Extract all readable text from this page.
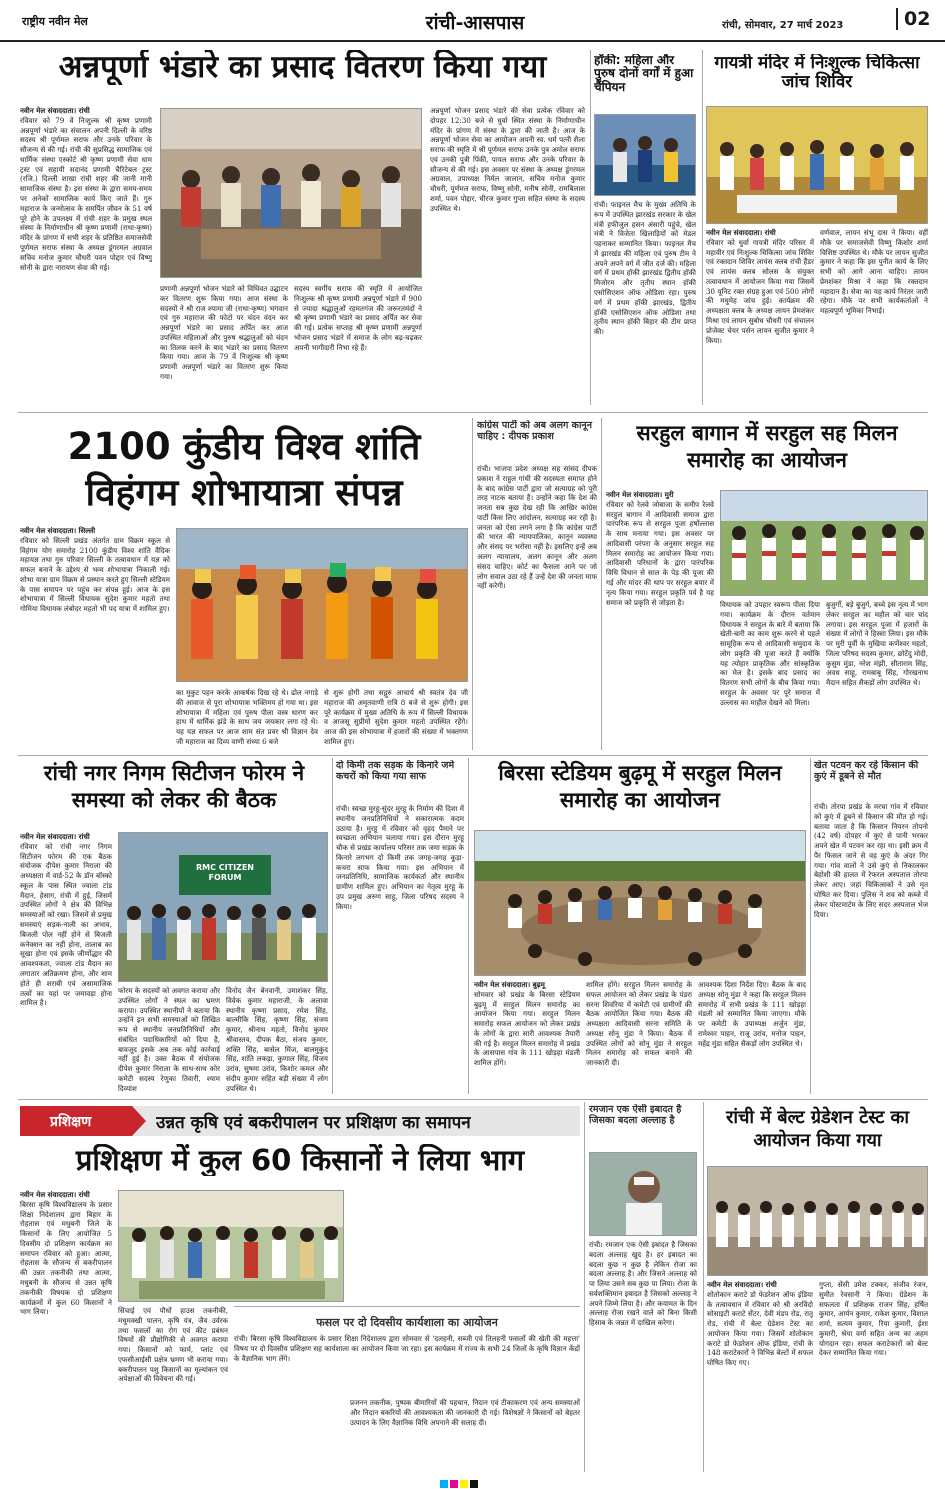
राष्ट्रीय नवीन मेल	रांची-आसपास	रांची, सोमवार, 27 मार्च 2023	02
अन्नपूर्णा भंडारे का प्रसाद वितरण किया गया
नवीन मेल संवाददाता। रांची
रविवार को 79 वें निःशुल्क श्री कृष्ण प्रणामी अन्नपूर्णा भंडारे का संचालन अपनी दिल्ली के वरिष्ठ सदस्य श्री पूर्णमल सराफ और उनके परिवार के सौजन्य से की गई। रांची की सुप्रसिद्ध सामाजिक एवं धार्मिक संस्था एस्कोर्ट श्री कृष्ण प्रणामी सेवा धाम ट्रस्ट एवं सहायी सदानंद प्रणामी चैरिटेबल ट्रस्ट (रजि.) दिल्ली शाखा रांची शहर की जानी मानी सामाजिक संस्था है। इस संस्था के द्वारा समय-समय पर अनेकों सामाजिक कार्य किए जाते हैं। गुरु महाराज के जन्मोत्सव के समर्पित जीवन के 51 वर्ष पूरे होने के उपलक्ष्य में रांची शहर के प्रमुख स्थल संस्था के निर्माणाधीन श्री कृष्ण प्रणामी (राधा-कृष्ण) मंदिर के प्रांगण में सभी शहर के प्रतिष्ठित समाजसेवी पूर्णमल सराफ संस्था के अध्यक्ष डूंगरमल अग्रवाल सचिव मनोज कुमार चौधरी पवन पोद्दार एवं विष्णु सोनी के द्वारा नारायण सेवा की गई।
प्रणामी अन्नपूर्णा भोजन भंडारे को विधिवत उद्घाटन कर वितरण शुरू किया गया। आज संस्था के सदस्यों ने श्री राज श्यामा जी (राधा-कृष्ण) भगवान एवं गुरु महाराज की फोटो पर चंदन वंदन कर अन्नपूर्णा भंडारे का प्रसाद अर्पित कर आज उपस्थित महिलाओं और पुरुष श्रद्धालुओं को चंदन का तिलक करने के बाद भंडारे का प्रसाद वितरण किया गया। आज के 79 वें निःशुल्क श्री कृष्ण प्रणामी अन्नपूर्णा भंडारे का वितरण शुरू किया गया।
सदस्य स्वर्गीय सराफ की स्मृति में आयोजित निःशुल्क श्री कृष्ण प्रणामी अन्नपूर्णा भंडारे में 900 से ज्यादा श्रद्धालुओं रहमतगंज की जरूरतमंदों ने श्री कृष्ण प्रणामी भंडारे का प्रसाद अर्पित कर सेवा की गई। प्रत्येक सप्ताह श्री कृष्ण प्रणामी अन्नपूर्णा भोजन प्रसाद भंडारे में समाज के लोग बढ़-चढ़कर अपनी भागीदारी निभा रहे हैं।
अन्नपूर्णा भोजन प्रसाद भंडारे की सेवा प्रत्येक रविवार को दोपहर 12:30 बजे से धुर्वा स्थित संस्था के निर्माणाधीन मंदिर के प्रांगण में संस्था के द्वारा की जाती है। आज के अन्नपूर्णा भोजन सेवा का आयोजन अपनी स्व. धर्म पत्नी शैला सराफ की स्मृति में श्री पूर्णमल सराफ उनके पुत्र अमोल सराफ एवं उनकी पुत्री पिंकी, पायल सराफ और उनके परिवार के सौजन्य से की गई। इस अवसर पर संस्था के अध्यक्ष डूंगरमल अग्रवाल, उपाध्यक्ष निर्मल जालान, सचिव मनोज कुमार चौधरी, पूर्णमल सराफ, विष्णु सोनी, मनीष सोनी, रामबिलास शर्मा, पवन पोद्दार, धीरज कुमार गुप्ता सहित संस्था के सदस्य उपस्थित थे।
हॉकी: महिला और पुरुष दोनों वर्गों में हुआ चैंपियन
रांची। फाइनल मैच के मुख्य अतिथि के रूप में उपस्थित झारखंड सरकार के खेल मंत्री हफीजुल हसन अंसारी पहुंचे, खेल मंत्री ने विजेता खिलाड़ियों को मेडल पहनाकर सम्मानित किया। फाइनल मैच में झारखंड की महिला एवं पुरुष टीम ने अपने अपने वर्ग में जीत दर्ज की। महिला वर्ग में प्रथम हॉकी झारखंड द्वितीय हॉकी मिजोरम और तृतीय स्थान हॉकी एसोसिएशन ऑफ ओडिशा रहा। पुरुष वर्ग में प्रथम हॉकी झारखंड, द्वितीय हॉकी एसोसिएशन ऑफ ओडिशा तथा तृतीय स्थान हॉकी बिहार की टीम प्राप्त की।
गायत्री मंदिर में निःशुल्क चिकित्सा जांच शिविर
नवीन मेल संवाददाता। रांची
रविवार को धुर्वा गायत्री मंदिर परिसर में महावीर एवं निःशुल्क चिकित्सा जांच शिविर एवं रक्तदान शिविर लायंस क्लब रांची हैंडर एवं लायंस क्लब सोलस के संयुक्त तत्वावधान में आयोजन किया गया जिसमें 30 यूनिट रक्त संग्रह हुआ एवं 500 लोगों की मधुमेह जांच हुई। कार्यक्रम की अध्यक्षता क्लब के अध्यक्ष लायन प्रेमशंकर मिश्रा एवं लायन सुबोध चौधरी एवं संचालन प्रोजेक्ट चेयर पर्सन लायन सुजीत कुमार ने किया।
वर्णवाल, लायन संभू दास ने किया। वहीं मौके पर समाजसेवी विष्णु किशोर शर्मा विशिष्ट उपस्थित थे। मौके पर लायन सुजीत कुमार ने कहा कि इस पुनीत कार्य के लिए सभी को आगे आना चाहिए। लायन प्रेमशंकर मिश्रा ने कहा कि रक्तदान महादान है। सेवा का यह कार्य निरंतर जारी रहेगा। मौके पर सभी कार्यकर्ताओं ने महत्वपूर्ण भूमिका निभाई।
2100 कुंडीय विश्व शांति विहंगम शोभायात्रा संपन्न
नवीन मेल संवाददाता। सिल्ली
रविवार को सिल्ली प्रखंड अंतर्गत ग्राम विक्रम स्कूल से विहंगम योग समारोह 2100 कुंडीय विश्व शांति वैदिक महायज्ञ तथा गुरु परिवार सिल्ली के तत्वावधान में यज्ञ को सफल बनाने के उद्देश्य से भव्य शोभायात्रा निकाली गई। शोभा यात्रा ग्राम विक्रम से प्रस्थान करते हुए सिल्ली स्टेडियम के पास समापन पर पहुंच कर संपन्न हुई। आज के इस शोभायात्रा में सिल्ली विधायक सुदेश कुमार महतो तथा गोमिया विधायक लंबोदर महतो भी पद यात्रा में शामिल हुए।
का मुकुट पहन करके आकर्षक दिख रहे थे। ढोल नगाड़े की आवाज से पूरा शोभायात्रा भक्तिमय हो गया था। इस शोभायात्रा में महिला एवं पुरुष पीला वस्त्र धारण कर हाथ में धार्मिक झंडे के साथ जय जयकार लगा रहे थे। यह यज्ञ सफल पर आज शाम संत प्रवर श्री विज्ञान देव जी महाराज का दिव्य वाणी संध्या 6 बजे
से शुरू होगी तथा सद्गुरु आचार्य श्री स्वतंत्र देव जी महाराज की अमृतवाणी रात्रि 8 बजे से शुरू होगी। इस पूरे कार्यक्रम में मुख्य अतिथि के रूप में सिल्ली विधायक व आजसू सुप्रीमो सुदेश कुमार महतो उपस्थित रहेंगे। आज की इस शोभायात्रा में हजारों की संख्या में भक्तगण शामिल हुए।
कांग्रेस पार्टी को अब अलग कानून चाहिए : दीपक प्रकाश
रांची। भाजपा प्रदेश अध्यक्ष सह सांसद दीपक प्रकाश ने राहुल गांधी की सदस्यता समाप्त होने के बाद कांग्रेस पार्टी द्वारा जो सत्याग्रह को पूरी तरह नाटक बताया है। उन्होंने कहा कि देश की जनता सब कुछ देख रही कि आखिर कांग्रेस पार्टी किस लिए आंदोलन, सत्याग्रह कर रही है। जनता को ऐसा लगने लगा है कि कांग्रेस पार्टी की भारत की न्यायपालिका, कानून व्यवस्था और संसद पर भरोसा नहीं है। इसलिए इन्हें अब अलग न्यायालय, अलग कानून और अलग संसद चाहिए। कोर्ट का फैसला आने पर जो लोग सवाल उठा रहे हैं उन्हें देश की जनता माफ नहीं करेगी।
सरहुल बागान में सरहुल सह मिलन समारोह का आयोजन
नवीन मेल संवाददाता। मुरी
रविवार को रेलवे जोबाजा के समीप रेलवे सरहुल बागान में आदिवासी समाज द्वारा पारंपरिक रूप से सरहुल पूजा हर्षोल्लास के साथ मनाया गया। इस अवसर पर आदिवासी परंपरा के अनुसार सरहुल सह मिलन समारोह का आयोजन किया गया। आदिवासी परिधानों के द्वारा पारंपरिक विधि विधान से साल के पेड़ की पूजा की गई और मांदर की थाप पर सरहुल बयार में नृत्य किया गया। सरहुल प्रकृति पर्व है यह समाज को प्रकृति से जोड़ता है।	विधायक को उपहार स्वरूप पीला दिया गया। कार्यक्रम के दौरान वर्तमान विधायक ने सरहुल के बारे में बताया कि खेती-बारी का काम शुरू करने से पहले सामूहिक रूप से आदिवासी समुदाय के लोग प्रकृति की पूजा करते हैं क्योंकि यह त्योहार प्राकृतिक और सांस्कृतिक का मेल है। इसके बाद प्रसाद का वितरण सभी लोगों के बीच किया गया। सरहुल के अवसर पर पूरे समाज में उल्लास का माहौल देखने को मिला।
बुजुर्गों, बड़े बुजुर्ग, बच्चे इस नृत्य में भाग लेकर सरहुल का महौल को चार चांद लगाया। इस सरहुल पूजा में हजारों के संख्या में लोगों ने हिस्सा लिया। इस मौके पर मुरी पूर्वी के मुखिया कर्णेश्वर महतो, जिला परिषद सदस्य कुमार, छोटेंदु मोदी, कुसुम मुंडा, नरेश मंझी, सीताराम सिंह, अवध साहू, रामबाबू सिंह, गोरखनाथ मैदान सहित सैकड़ों लोग उपस्थित थे।
रांची नगर निगम सिटीजन फोरम ने समस्या को लेकर की बैठक
नवीन मेल संवाददाता। रांची
रविवार को रांची नगर निगम सिटीजन फोरम की एक बैठक संयोजक दीपेश कुमार निराला की अध्यक्षता में वार्ड-52 के डॉन बॉस्को स्कूल के पास स्थित ज्वाला टांड मैदान, हेसाग, रांची में हुई, जिसमें उपस्थित लोगों ने क्षेत्र की विभिन्न समस्याओं को रखा। जिसमें से प्रमुख समस्याएं सड़क-नाली का अभाव, बिजली पोल नहीं होने से बिजली कनेक्शन का नहीं होना, तालाब का सूखा होना एवं इसके जीर्णोद्धार की आवश्यकता, ज्वाला टांड मैदान का लगातार अतिक्रमण होना, और शाम होते ही शराबी एवं असामाजिक तत्वों का यहां पर जमावड़ा होना शामिल है।
RMC CITIZEN FORUM
फोरम के सदस्यों को अवगत कराया और उपस्थित लोगों ने स्थल का भ्रमण कराया। उपस्थित स्थानीयों ने बताया कि उन्होंने इन सभी समस्याओं को लिखित रूप से स्थानीय जनप्रतिनिधियों और संबंधित पदाधिकारियों को दिया है, बावजूद इसके अब तक कोई कार्रवाई नहीं हुई है। उक्त बैठक में संयोजक दीपेश कुमार निराला के साथ-साथ कोर कमेटी सदस्य रेणुका तिवारी, श्याम दिव्यांश
विनोद जैन बेनवानी, उमाशंकर सिंह, विवेक कुमार महाराजी, के अलावा स्थानीय कृष्णा प्रसाद, रमेश सिंह, बाल्मीकि सिंह, कृष्णा सिंह, संजय कुमार, श्रीनाथ महतो, विनोद कुमार श्रीवास्तव, दीपक बैठा, संजय कुमार, शक्ति सिंह, बासेल मिंज, बालमुकुंद सिंह, शांति लकड़ा, कुणाल सिंह, विजय उरांव, सुषमा उरांव, किशोर कमल और संदीप कुमार सहित बड़ी संख्या में लोग उपस्थित थे।
दो किमी तक सड़क के किनारे जमे कचरों को किया गया साफ
रांची। स्वच्छ मुरहू-सुंदर मुरहू के निर्माण की दिशा में स्थानीय जनप्रतिनिधियों ने सकारात्मक कदम उठाया है। मुरहू में रविवार को वृहद पैमाने पर स्वच्छता अभियान चलाया गया। इस दौरान मुरहू चौक से प्रखंड कार्यालय परिसर तक जमा सड़क के किनारे लगभग दो किमी तक जगह-जगह कूड़ा-कचरा साफ किया गया। इस अभियान में जनप्रतिनिधि, सामाजिक कार्यकर्ता और स्थानीय ग्रामीण शामिल हुए। अभियान का नेतृत्व मुरहू के उप प्रमुख अरुण साहू, जिला परिषद सदस्य ने किया।
बिरसा स्टेडियम बुढ़मू में सरहुल मिलन समारोह का आयोजन
नवीन मेल संवाददाता। बुढ़मू
सोमवार को प्रखंड के बिरसा स्टेडियम बुढ़मू में सरहुल मिलन समारोह का आयोजन किया गया। सरहुल मिलन समारोह सफल आयोजन को लेकर प्रखंड के लोगों के द्वारा सारी आवश्यक तैयारी की गई है। सरहुल मिलन समारोह में प्रखंड के आसपास गांव के 111 खोड़हा मंडली शामिल होंगे।
शामिल होंगे। सरहुल मिलन समारोह के सफल आयोजन को लेकर प्रखंड के पंडरा सरना शिवरिया में कमेटी एवं ग्रामीणों की बैठक आयोजित किया गया। बैठक की अध्यक्षता आदिवासी सरना समिति के अध्यक्ष सोनू मुंडा ने किया। बैठक में उपस्थित लोगों को सोनू मुंडा ने सरहुल मिलन समारोह को सफल बनाने की जानकारी दी।
आवश्यक दिशा निर्देश दिए। बैठक के बाद अध्यक्ष सोनू मुंडा ने कहा कि सरहुल मिलन समारोह में सभी प्रखंड के 111 खोड़हा मंडली को सम्मानित किया जाएगा। मौके पर कमेटी के उपाध्यक्ष अर्जुन मुंडा, रामेश्वर पाहन, राजू उरांव, मनोज पाहन, महेंद्र मुंडा सहित सैकड़ों लोग उपस्थित थे।
खेत पटवन कर रहे किसान की कुएं में डूबने से मौत
रांची। तोरपा प्रखंड के मरचा गांव में रविवार को कुएं में डूबने से किसान की मौत हो गई। बताया जाता है कि किसान नियरन तोपनो (42 वर्ष) दोपहर में कुएं से पानी भरकर अपने खेत में पटवन कर रहा था। इसी क्रम में पैर फिसल जाने से वह कुएं के अंदर गिर गया। गांव वालों ने उसे कुएं से निकालकर बेहोशी की हालत में रेफरल अस्पताल तोरपा लेकर आए। जहां चिकित्सकों ने उसे मृत घोषित कर दिया। पुलिस ने शव को कब्जे में लेकर पोस्टमार्टम के लिए सदर अस्पताल भेज दिया।
प्रशिक्षण	उन्नत कृषि एवं बकरीपालन पर प्रशिक्षण का समापन
प्रशिक्षण में कुल 60 किसानों ने लिया भाग
नवीन मेल संवाददाता। रांची
बिरसा कृषि विश्वविद्यालय के प्रसार शिक्षा निदेशालय द्वारा बिहार के रोहतास एवं मधुबनी जिले के किसानों के लिए आयोजित 5 दिवसीय दो प्रशिक्षण कार्यक्रम का समापन रविवार को हुआ। आत्मा, रोहतास के सौजन्य से बकरीपालन की उन्नत तकनीकी तथा आत्मा, मधुबनी के सौजन्य से उन्नत कृषि तकनीकी विषयक दो प्रशिक्षण कार्यक्रमों में कुल 60 किसानों ने भाग लिया।	सिंचाई एवं पौधों हाउस तकनीकी, मधुमक्खी पालन, कृषि यंत्र, जैव उर्वरक तथा फसलों का रोग एवं कीट प्रबंधन विषयों की प्रौद्योगिकी से अवगत कराया गया। किसानों को फार्म, प्लांट एवं एफसीआईसी प्रक्षेत्र भ्रमण भी कराया गया। बकरीपालन पशु किसानों का मूल्यांकन एवं अपेक्षाओं की विवेचना की गई।
फसल पर दो दिवसीय कार्यशाला का आयोजन
रांची। बिरसा कृषि विश्वविद्यालय के प्रसार शिक्षा निदेशालय द्वारा सोमवार से 'दलहनी, सब्जी एवं तिलहनी फसलों की खेती की महत्ता' विषय पर दो दिवसीय प्रशिक्षण सह कार्यशाला का आयोजन किया जा रहा। इस कार्यक्रम में राज्य के सभी 24 जिलों के कृषि विज्ञान केंद्रों के वैज्ञानिक भाग लेंगे।
प्रजनन तकनीक, पुष्पक बीमारियों की पहचान, निदान एवं टीकाकरण एवं अन्य समस्याओं और निदान बकरियों की आवश्यकता की जानकारी दी गई। विशेषज्ञों ने किसानों को बेहतर उत्पादन के लिए वैज्ञानिक विधि अपनाने की सलाह दी।
रमजान एक ऐसी इबादत है जिसका बदला अल्लाह है
रांची। रमजान एक ऐसी इबादत है जिसका बदला अल्लाह खुद है। हर इबादत का बदला कुछ न कुछ है लेकिन रोजा का बदला अल्लाह है। और जिसने अल्लाह को पा लिया उसने सब कुछ पा लिया। रोजा के सर्वशक्तिमान इबादत है जिसको अल्लाह ने अपने जिम्मे लिया है। और कयामत के दिन अल्लाह रोजा रखने वाले को बिना किसी हिसाब के जन्नत में दाखिल करेगा।
रांची में बेल्ट ग्रेडेशन टेस्ट का आयोजन किया गया
नवीन मेल संवाददाता। रांची
शोतोकान कराटे डो फेडरेशन ऑफ इंडिया के तत्वावधान में रविवार को श्री अरविंदो सोसाइटी कराटे सेंटर, देवी मंडप रोड, रातू रोड, रांची में बेल्ट ग्रेडेशन टेस्ट का आयोजन किया गया। जिसमें शोतोकान कराटे डो फेडरेशन ऑफ इंडिया, रांची के 148 कराटेकारों ने विभिन्न बेल्टों में सफल घोषित किए गए।
गुप्ता, सेंसी उमेश टक्कर, संजीव रंजन, सुमीत रेवसानी ने किया। ग्रेडेशन के सफलता में प्रशिक्षक राजन सिंह, हर्षित कुमार, आर्यन कुमार, राकेश कुमार, विशाल शर्मा, सत्यम कुमार, रिया कुमारी, ईशा कुमारी, श्रेया वर्मा सहित अन्य का अहम योगदान रहा। सफल कराटेकारों को बेल्ट देकर सम्मानित किया गया।
